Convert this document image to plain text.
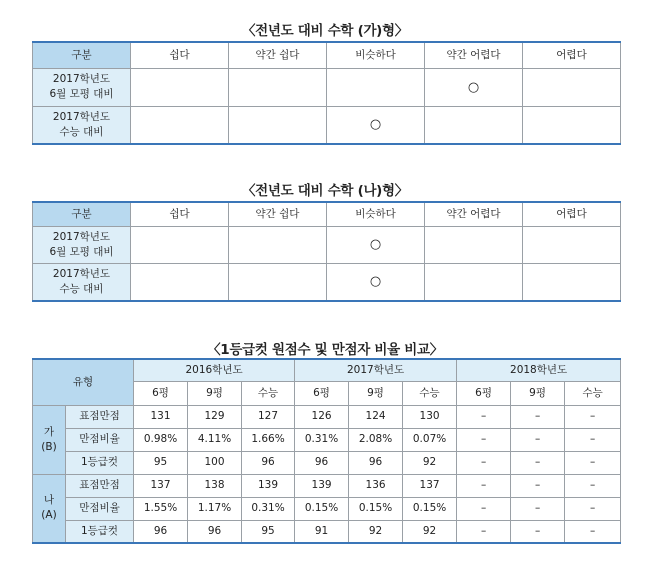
〈전년도 대비 수학 (가)형〉
구분	쉽다	약간 쉽다	비슷하다	약간 어렵다	어렵다
2017학년도
6월 모평 대비				○	
2017학년도
수능 대비			○		
〈전년도 대비 수학 (나)형〉
구분	쉽다	약간 쉽다	비슷하다	약간 어렵다	어렵다
2017학년도
6월 모평 대비			○		
2017학년도
수능 대비			○		
〈1등급컷 원점수 및 만점자 비율 비교〉
유형		2016학년도			2017학년도			2018학년도		
		6평	9평	수능	6평	9평	수능	6평	9평	수능
가
(B)	표점만점	131	129	127	126	124	130	–	–	–
	만점비율	0.98%	4.11%	1.66%	0.31%	2.08%	0.07%	–	–	–
	1등급컷	95	100	96	96	96	92	–	–	–
나
(A)	표점만점	137	138	139	139	136	137	–	–	–
	만점비율	1.55%	1.17%	0.31%	0.15%	0.15%	0.15%	–	–	–
	1등급컷	96	96	95	91	92	92	–	–	–
